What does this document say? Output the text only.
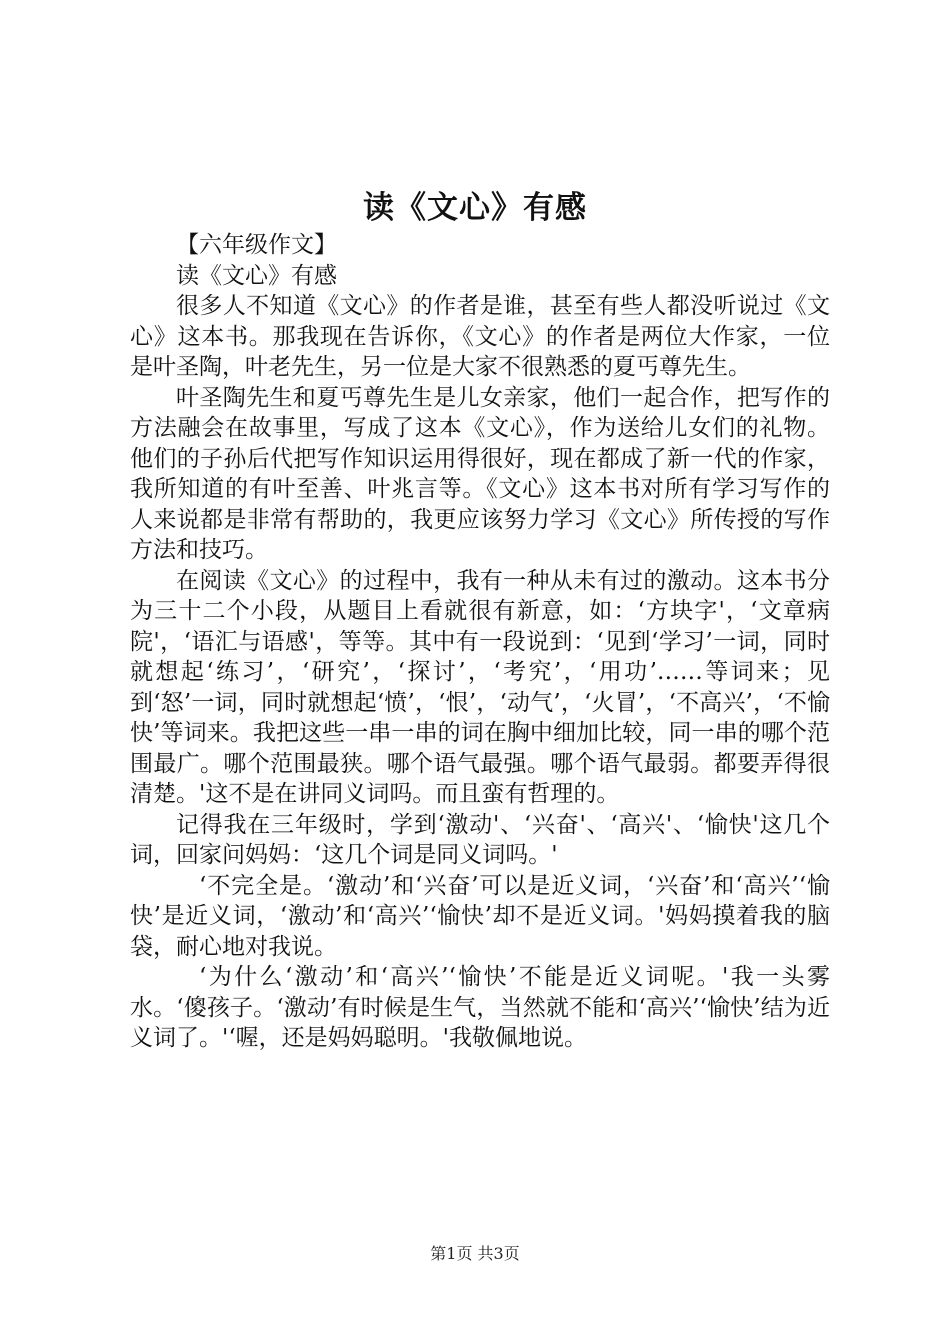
读《文心》有感

【六年级作文】

读《文心》有感

很多人不知道《文心》的作者是谁，甚至有些人都没听说过《文心》这本书。那我现在告诉你，《文心》的作者是两位大作家，一位是叶圣陶，叶老先生，另一位是大家不很熟悉的夏丐尊先生。

叶圣陶先生和夏丐尊先生是儿女亲家，他们一起合作，把写作的方法融会在故事里，写成了这本《文心》，作为送给儿女们的礼物。他们的子孙后代把写作知识运用得很好，现在都成了新一代的作家，我所知道的有叶至善、叶兆言等。《文心》这本书对所有学习写作的人来说都是非常有帮助的，我更应该努力学习《文心》所传授的写作方法和技巧。

在阅读《文心》的过程中，我有一种从未有过的激动。这本书分为三十二个小段，从题目上看就很有新意，如：‘方块字'，‘文章病院'，‘语汇与语感'，等等。其中有一段说到：‘见到‘学习’一词，同时就想起‘练习’，‘研究’，‘探讨’，‘考究’，‘用功’……等词来；见到‘怒’一词，同时就想起‘愤’，‘恨’，‘动气’，‘火冒’，‘不高兴’，‘不愉快’等词来。我把这些一串一串的词在胸中细加比较，同一串的哪个范围最广。哪个范围最狭。哪个语气最强。哪个语气最弱。都要弄得很清楚。'这不是在讲同义词吗。而且蛮有哲理的。

记得我在三年级时，学到‘激动'、‘兴奋'、‘高兴'、‘愉快'这几个词，回家问妈妈：‘这几个词是同义词吗。'

‘不完全是。‘激动’和‘兴奋’可以是近义词，‘兴奋’和‘高兴’‘愉快’是近义词，‘激动’和‘高兴’‘愉快’却不是近义词。'妈妈摸着我的脑袋，耐心地对我说。

‘为什么‘激动’和‘高兴’‘愉快’不能是近义词呢。'我一头雾水。‘傻孩子。‘激动’有时候是生气，当然就不能和‘高兴’‘愉快’结为近义词了。'‘喔，还是妈妈聪明。'我敬佩地说。

第1页 共3页
